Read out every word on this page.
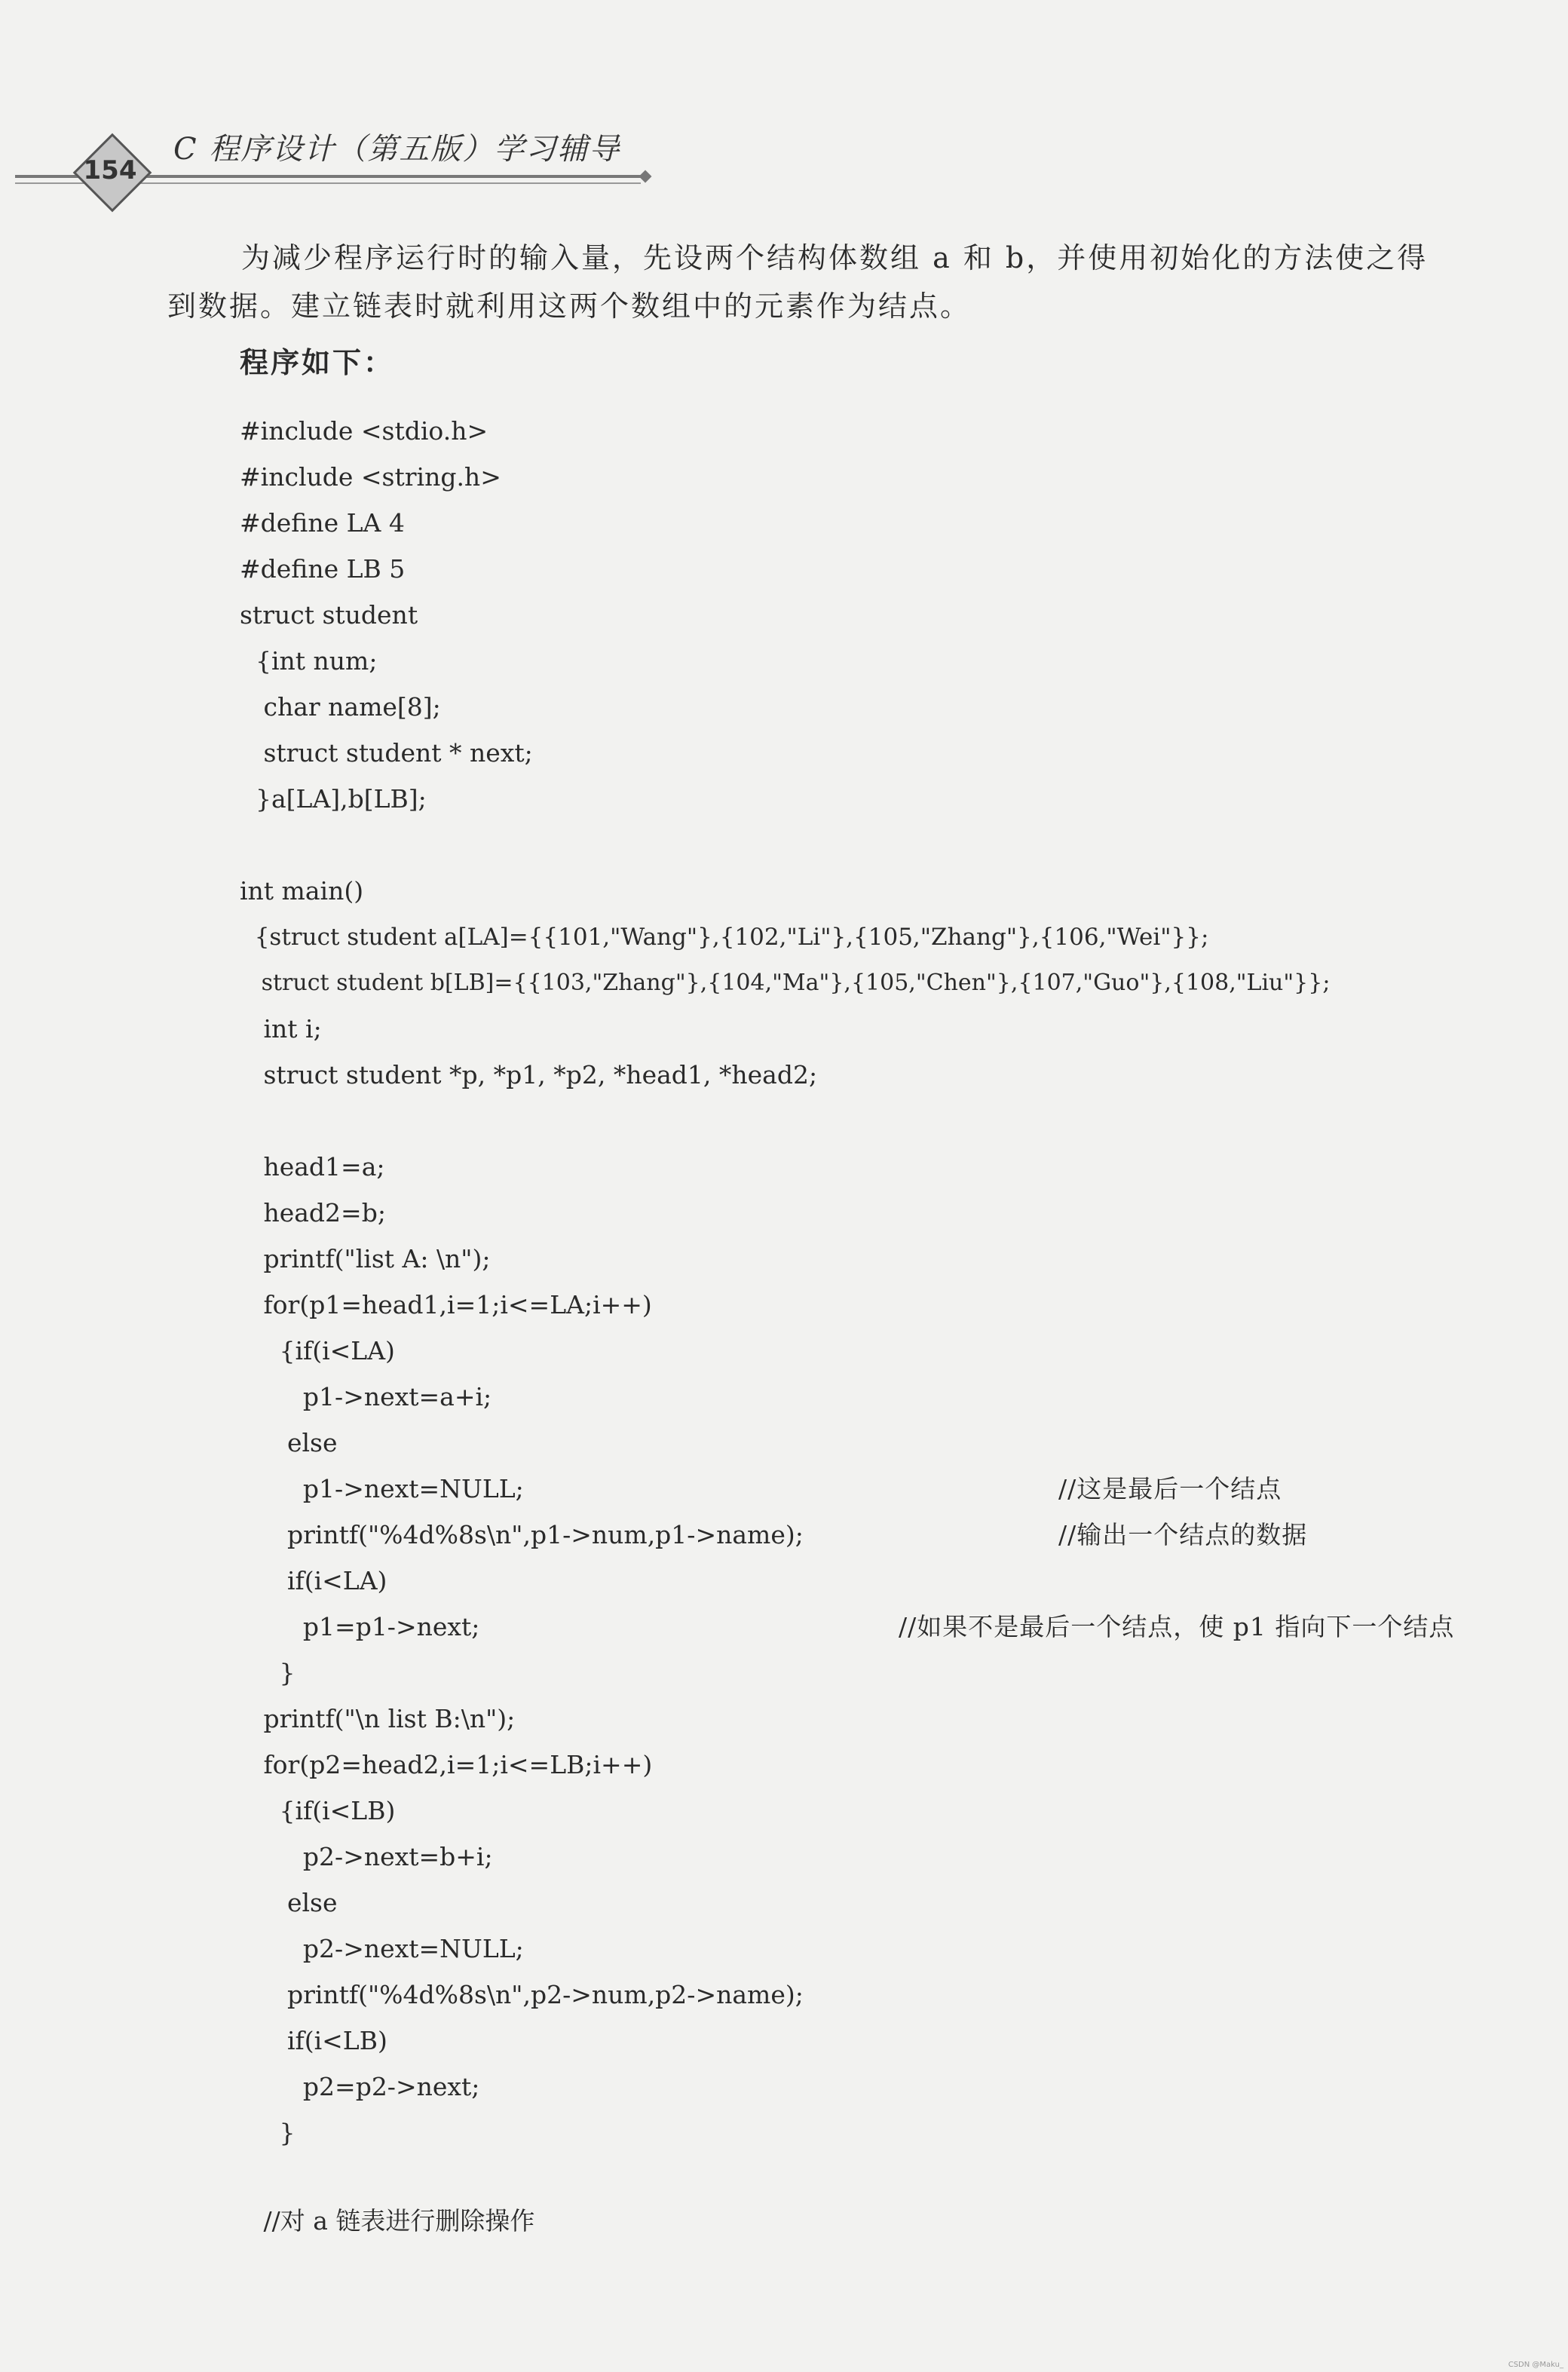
154
C 程序设计（第五版）学习辅导

为减少程序运行时的输入量，先设两个结构体数组 a 和 b，并使用初始化的方法使之得

到数据。建立链表时就利用这两个数组中的元素作为结点。

程序如下：
#include <stdio.h>
#include <string.h>
#define LA 4
#define LB 5
struct student
{int num;
char name[8];
struct student * next;
}a[LA],b[LB];
int main()
{struct student a[LA]={{101,"Wang"},{102,"Li"},{105,"Zhang"},{106,"Wei"}};
struct student b[LB]={{103,"Zhang"},{104,"Ma"},{105,"Chen"},{107,"Guo"},{108,"Liu"}};
int i;
struct student *p, *p1, *p2, *head1, *head2;
head1=a;
head2=b;
printf("list A: \n");
for(p1=head1,i=1;i<=LA;i++)
{if(i<LA)
p1->next=a+i;
else
p1->next=NULL;	//这是最后一个结点
printf("%4d%8s\n",p1->num,p1->name);	//输出一个结点的数据
if(i<LA)
p1=p1->next;	//如果不是最后一个结点，使 p1 指向下一个结点
}
printf("\n list B:\n");
for(p2=head2,i=1;i<=LB;i++)
{if(i<LB)
p2->next=b+i;
else
p2->next=NULL;
printf("%4d%8s\n",p2->num,p2->name);
if(i<LB)
p2=p2->next;
}
//对 a 链表进行删除操作
CSDN @Maku_
